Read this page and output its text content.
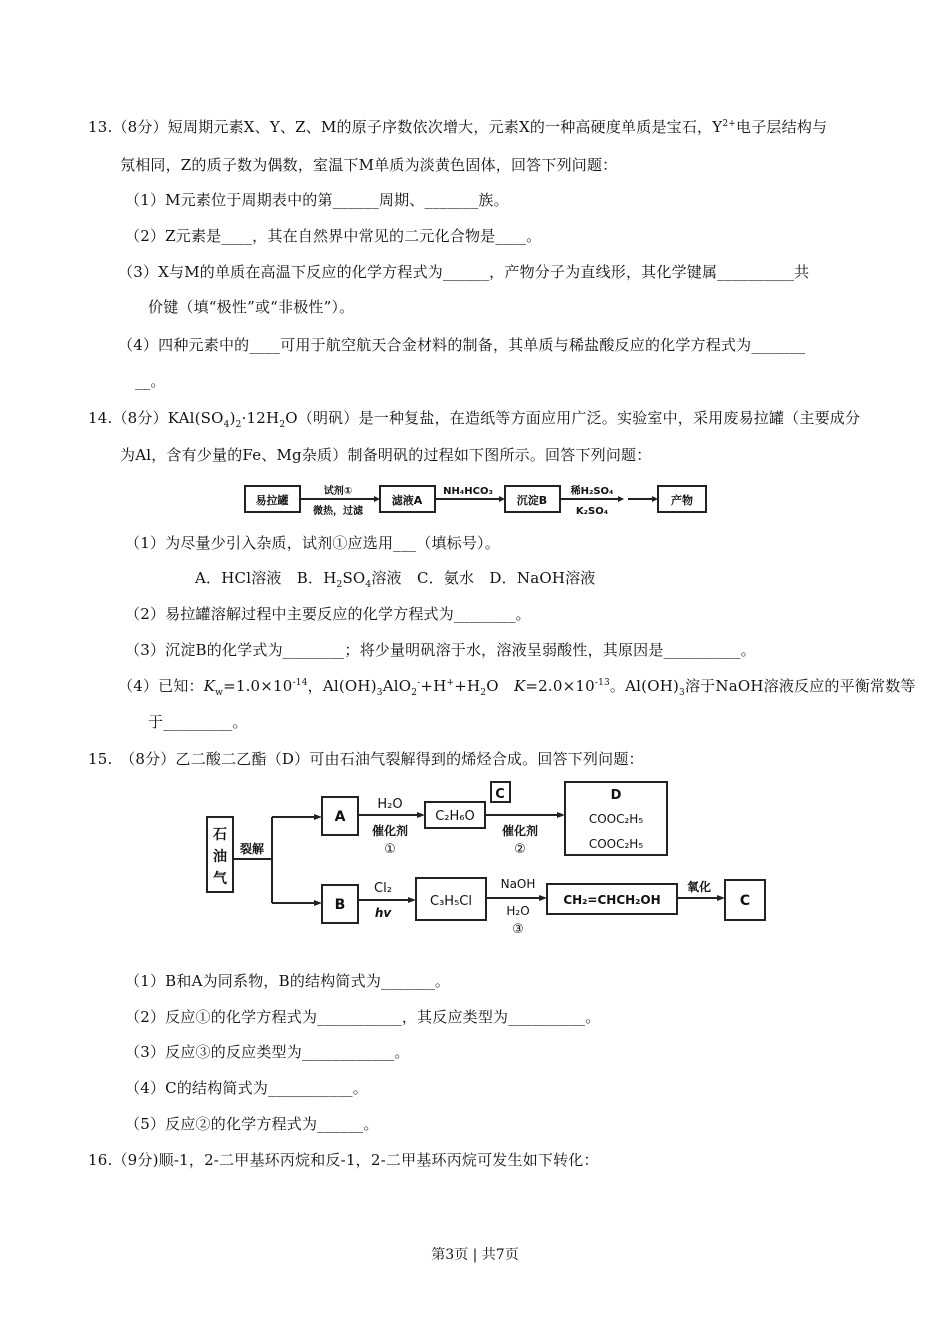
13.（8分）短周期元素X、Y、Z、M的原子序数依次增大，元素X的一种高硬度单质是宝石，$Y^{2+}$电子层结构与
氖相同，Z的质子数为偶数，室温下M单质为淡黄色固体，回答下列问题：
（1）M元素位于周期表中的第______周期、_______族。
（2）Z元素是____，其在自然界中常见的二元化合物是____。
（3）X与M的单质在高温下反应的化学方程式为______，产物分子为直线形，其化学键属__________共
价键（填“极性”或“非极性”）。
（4）四种元素中的____可用于航空航天合金材料的制备，其单质与稀盐酸反应的化学方程式为_______
__。
14.（8分）$KAl(SO_4)_2\cdot 12H_2O$（明矾）是一种复盐，在造纸等方面应用广泛。实验室中，采用废易拉罐（主要成分
为Al，含有少量的Fe、Mg杂质）制备明矾的过程如下图所示。回答下列问题：
易拉罐	滤液A	沉淀B	产物
试剂①
微热，过滤
NH₄HCO₃	稀H₂SO₄
K₂SO₄
（1）为尽量少引入杂质，试剂①应选用___（填标号）。
A．HCl溶液　B．$H_2SO_4$溶液　C．氨水　D．NaOH溶液
（2）易拉罐溶解过程中主要反应的化学方程式为________。
（3）沉淀B的化学式为________；将少量明矾溶于水，溶液呈弱酸性，其原因是__________。
（4）已知：$K_w=1.0\times 10^{-14}$，$Al(OH)_3AlO_2^-+H^++H_2O$　$K=2.0\times 10^{-13}$。$Al(OH)_3$溶于NaOH溶液反应的平衡常数等
于_________。
15.　（8分）乙二酸二乙酯（D）可由石油气裂解得到的烯烃合成。回答下列问题：
石
油
气
裂解
A
B
H₂O
催化剂
①
C₂H₆O
C
催化剂
②
D
COOC₂H₅
COOC₂H₅
Cl₂
hv
C₃H₅Cl
NaOH
H₂O
③
CH₂=CHCH₂OH
氧化
C
（1）B和A为同系物，B的结构简式为_______。
（2）反应①的化学方程式为___________，其反应类型为__________。
（3）反应③的反应类型为____________。
（4）C的结构简式为___________。
（5）反应②的化学方程式为______。
16.（9分)顺-1，2-二甲基环丙烷和反-1，2-二甲基环丙烷可发生如下转化：
第3页 | 共7页
